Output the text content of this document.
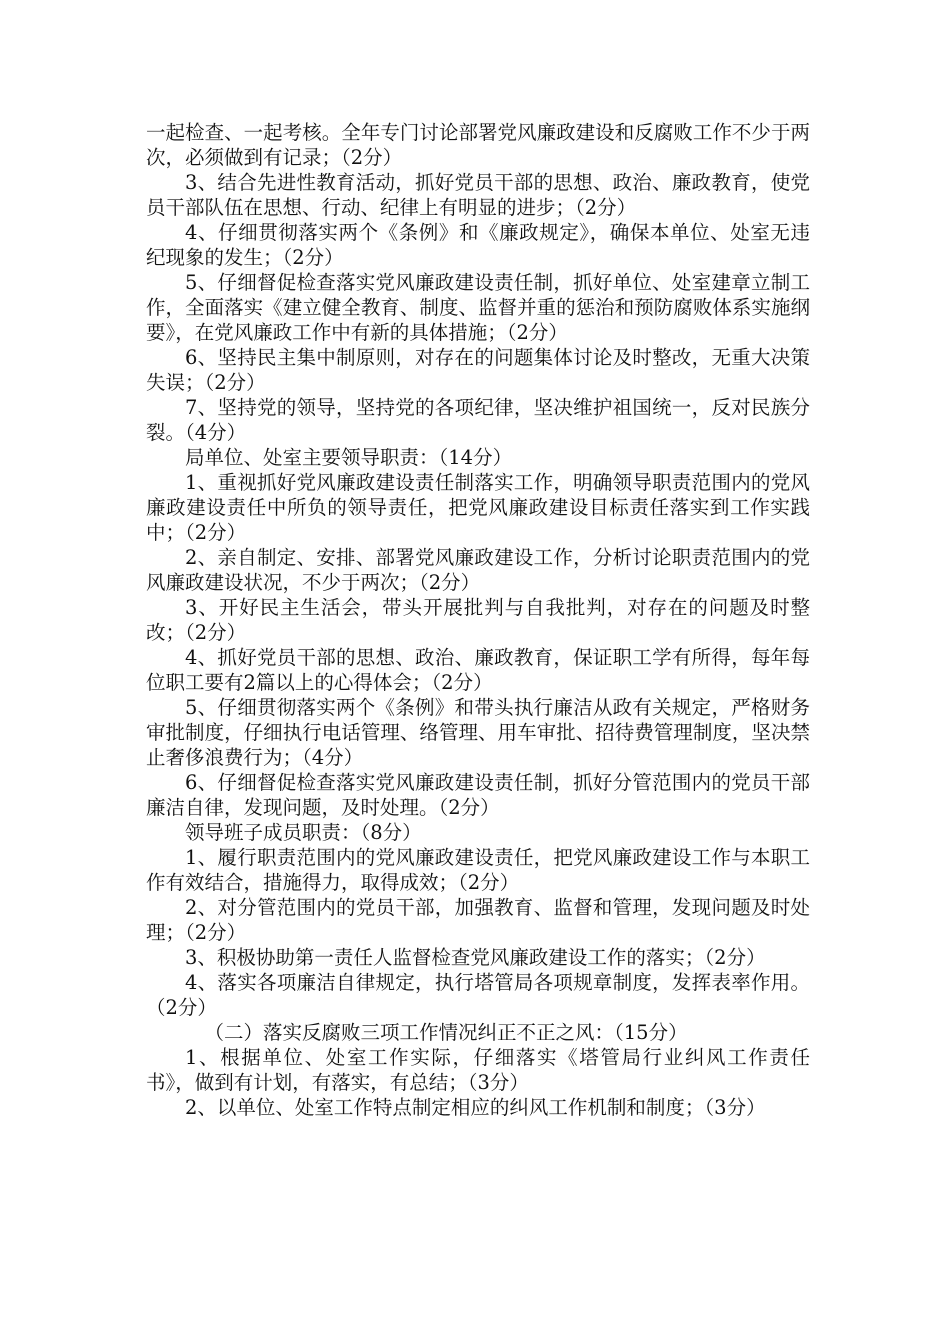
一起检查、一起考核。全年专门讨论部署党风廉政建设和反腐败工作不少于两次，必须做到有记录；（2分）

3、结合先进性教育活动，抓好党员干部的思想、政治、廉政教育，使党员干部队伍在思想、行动、纪律上有明显的进步；（2分）

4、仔细贯彻落实两个《条例》和《廉政规定》，确保本单位、处室无违纪现象的发生；（2分）

5、仔细督促检查落实党风廉政建设责任制，抓好单位、处室建章立制工作，全面落实《建立健全教育、制度、监督并重的惩治和预防腐败体系实施纲要》，在党风廉政工作中有新的具体措施；（2分）

6、坚持民主集中制原则，对存在的问题集体讨论及时整改，无重大决策失误；（2分）

7、坚持党的领导，坚持党的各项纪律，坚决维护祖国统一，反对民族分裂。（4分）

局单位、处室主要领导职责：（14分）

1、重视抓好党风廉政建设责任制落实工作，明确领导职责范围内的党风廉政建设责任中所负的领导责任，把党风廉政建设目标责任落实到工作实践中；（2分）

2、亲自制定、安排、部署党风廉政建设工作，分析讨论职责范围内的党风廉政建设状况，不少于两次；（2分）

3、开好民主生活会，带头开展批判与自我批判，对存在的问题及时整改；（2分）

4、抓好党员干部的思想、政治、廉政教育，保证职工学有所得，每年每位职工要有2篇以上的心得体会；（2分）

5、仔细贯彻落实两个《条例》和带头执行廉洁从政有关规定，严格财务审批制度，仔细执行电话管理、络管理、用车审批、招待费管理制度，坚决禁止奢侈浪费行为；（4分）

6、仔细督促检查落实党风廉政建设责任制，抓好分管范围内的党员干部廉洁自律，发现问题，及时处理。（2分）

领导班子成员职责：（8分）

1、履行职责范围内的党风廉政建设责任，把党风廉政建设工作与本职工作有效结合，措施得力，取得成效；（2分）

2、对分管范围内的党员干部，加强教育、监督和管理，发现问题及时处理；（2分）

3、积极协助第一责任人监督检查党风廉政建设工作的落实；（2分）

4、落实各项廉洁自律规定，执行塔管局各项规章制度，发挥表率作用。（2分）

（二）落实反腐败三项工作情况纠正不正之风：（15分）

1、根据单位、处室工作实际，仔细落实《塔管局行业纠风工作责任书》，做到有计划，有落实，有总结；（3分）

2、以单位、处室工作特点制定相应的纠风工作机制和制度；（3分）
